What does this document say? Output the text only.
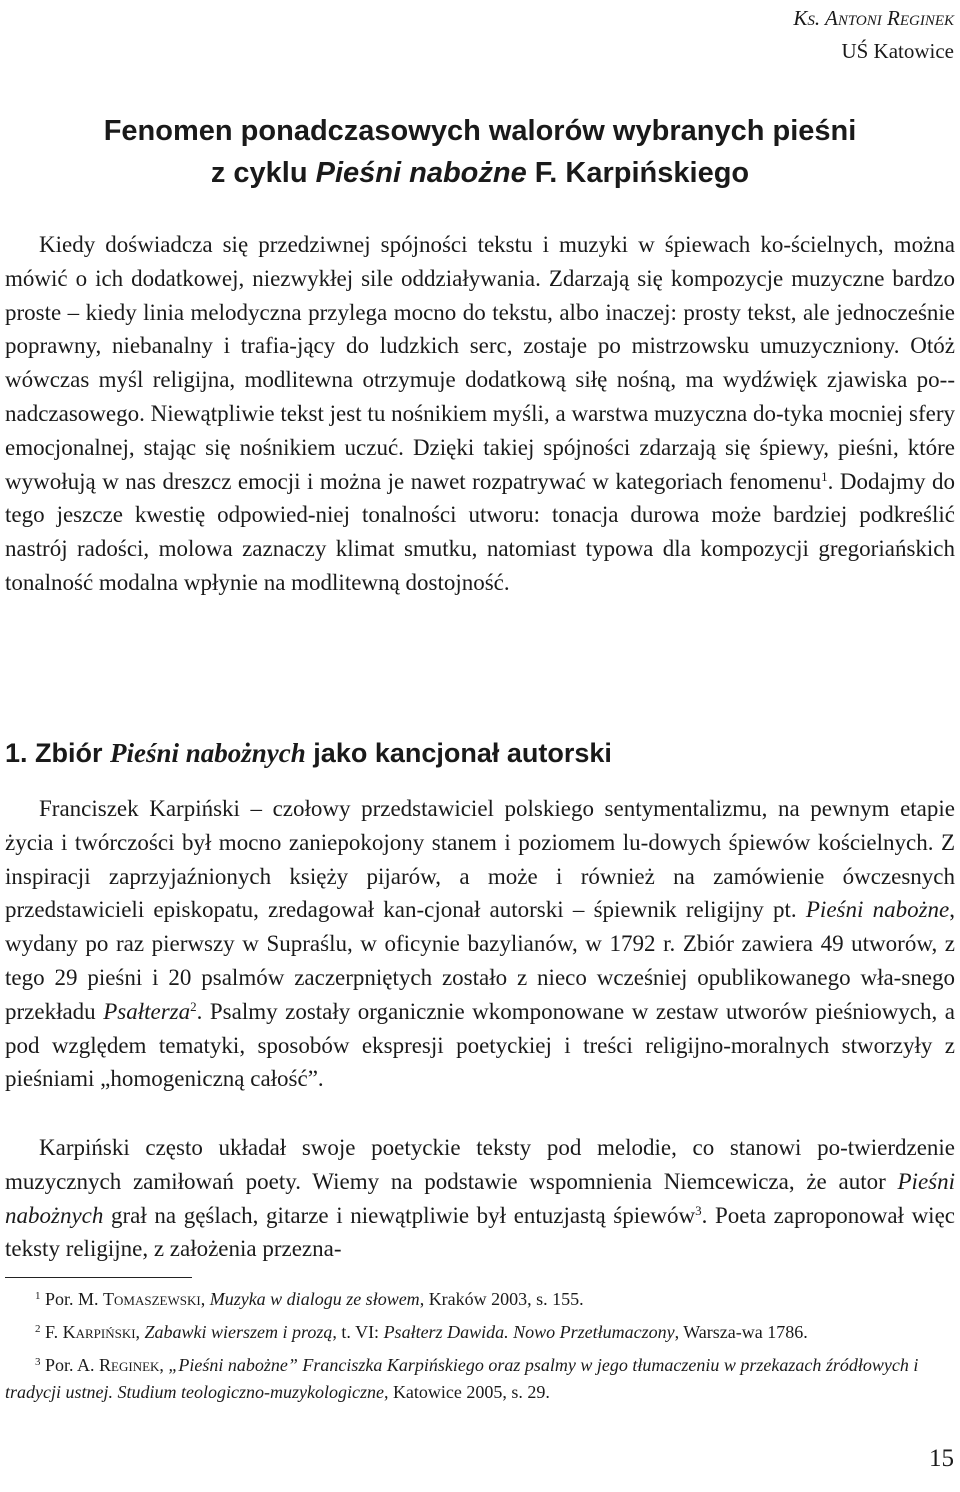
Ks. Antoni Reginek
UŚ Katowice
Fenomen ponadczasowych walorów wybranych pieśni
z cyklu Pieśni nabożne F. Karpińskiego

Kiedy doświadcza się przedziwnej spójności tekstu i muzyki w śpiewach ko-ścielnych, można mówić o ich dodatkowej, niezwykłej sile oddziaływania. Zdarzają się kompozycje muzyczne bardzo proste – kiedy linia melodyczna przylega mocno do tekstu, albo inaczej: prosty tekst, ale jednocześnie poprawny, niebanalny i trafia-jący do ludzkich serc, zostaje po mistrzowsku umuzyczniony. Otóż wówczas myśl religijna, modlitewna otrzymuje dodatkową siłę nośną, ma wydźwięk zjawiska po-nadczasowego. Niewątpliwie tekst jest tu nośnikiem myśli, a warstwa muzyczna do-tyka mocniej sfery emocjonalnej, stając się nośnikiem uczuć. Dzięki takiej spójności zdarzają się śpiewy, pieśni, które wywołują w nas dreszcz emocji i można je nawet rozpatrywać w kategoriach fenomenu$^1$. Dodajmy do tego jeszcze kwestię odpowied-niej tonalności utworu: tonacja durowa może bardziej podkreślić nastrój radości, molowa zaznaczy klimat smutku, natomiast typowa dla kompozycji gregoriańskich tonalność modalna wpłynie na modlitewną dostojność.

1. Zbiór Pieśni nabożnych jako kancjonał autorski

Franciszek Karpiński – czołowy przedstawiciel polskiego sentymentalizmu, na pewnym etapie życia i twórczości był mocno zaniepokojony stanem i poziomem lu-dowych śpiewów kościelnych. Z inspiracji zaprzyjaźnionych księży pijarów, a może i również na zamówienie ówczesnych przedstawicieli episkopatu, zredagował kan-cjonał autorski – śpiewnik religijny pt. Pieśni nabożne, wydany po raz pierwszy w Supraślu, w oficynie bazylianów, w 1792 r. Zbiór zawiera 49 utworów, z tego 29 pieśni i 20 psalmów zaczerpniętych zostało z nieco wcześniej opublikowanego wła-snego przekładu Psałterza$^2$. Psalmy zostały organicznie wkomponowane w zestaw utworów pieśniowych, a pod względem tematyki, sposobów ekspresji poetyckiej i treści religijno-moralnych stworzyły z pieśniami „homogeniczną całość”.

Karpiński często układał swoje poetyckie teksty pod melodie, co stanowi po-twierdzenie muzycznych zamiłowań poety. Wiemy na podstawie wspomnienia Niemcewicza, że autor Pieśni nabożnych grał na gęślach, gitarze i niewątpliwie był entuzjastą śpiewów$^3$. Poeta zaproponował więc teksty religijne, z założenia przezna-

$^1$ Por. M. Tomaszewski, Muzyka w dialogu ze słowem, Kraków 2003, s. 155.

$^2$ F. Karpiński, Zabawki wierszem i prozą, t. VI: Psałterz Dawida. Nowo Przetłumaczony, Warsza-wa 1786.

$^3$ Por. A. Reginek, „Pieśni nabożne” Franciszka Karpińskiego oraz psalmy w jego tłumaczeniu w przekazach źródłowych i tradycji ustnej. Studium teologiczno-muzykologiczne, Katowice 2005, s. 29.

15
